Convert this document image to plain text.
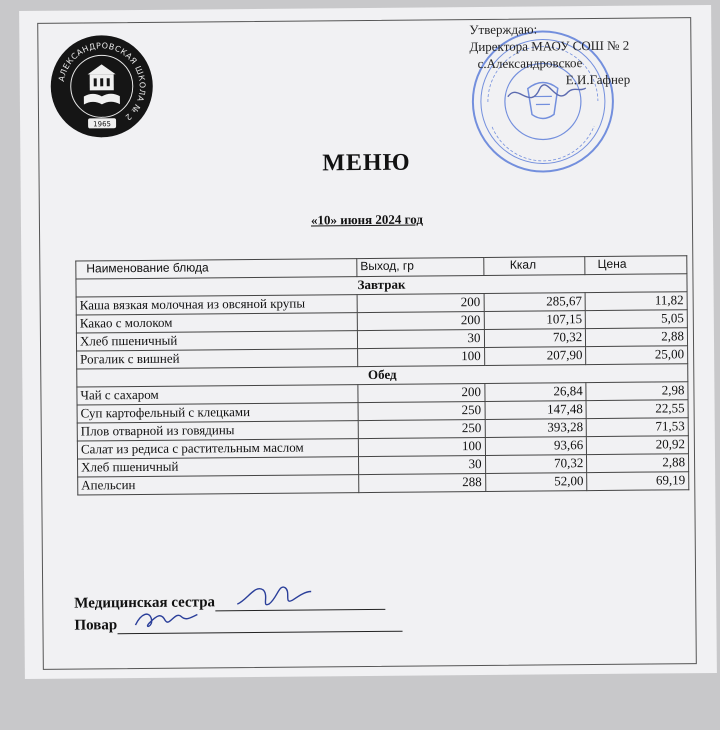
АЛЕКСАНДРОВСКАЯ ШКОЛА № 2
1965
Утверждаю:
Директора МАОУ СОШ № 2
с.Александровское
Е.И.Гафнер
МЕНЮ
«10» июня 2024 год
Наименование блюда	Выход, гр	Ккал	Цена
Завтрак			
Каша вязкая молочная из овсяной крупы	200	285,67	11,82
Какао с молоком	200	107,15	5,05
Хлеб пшеничный	30	70,32	2,88
Рогалик с вишней	100	207,90	25,00
Обед			
Чай с сахаром	200	26,84	2,98
Суп картофельный с клецками	250	147,48	22,55
Плов отварной из говядины	250	393,28	71,53
Салат из редиса с растительным маслом	100	93,66	20,92
Хлеб пшеничный	30	70,32	2,88
Апельсин	288	52,00	69,19
Медицинская сестра
Повар
